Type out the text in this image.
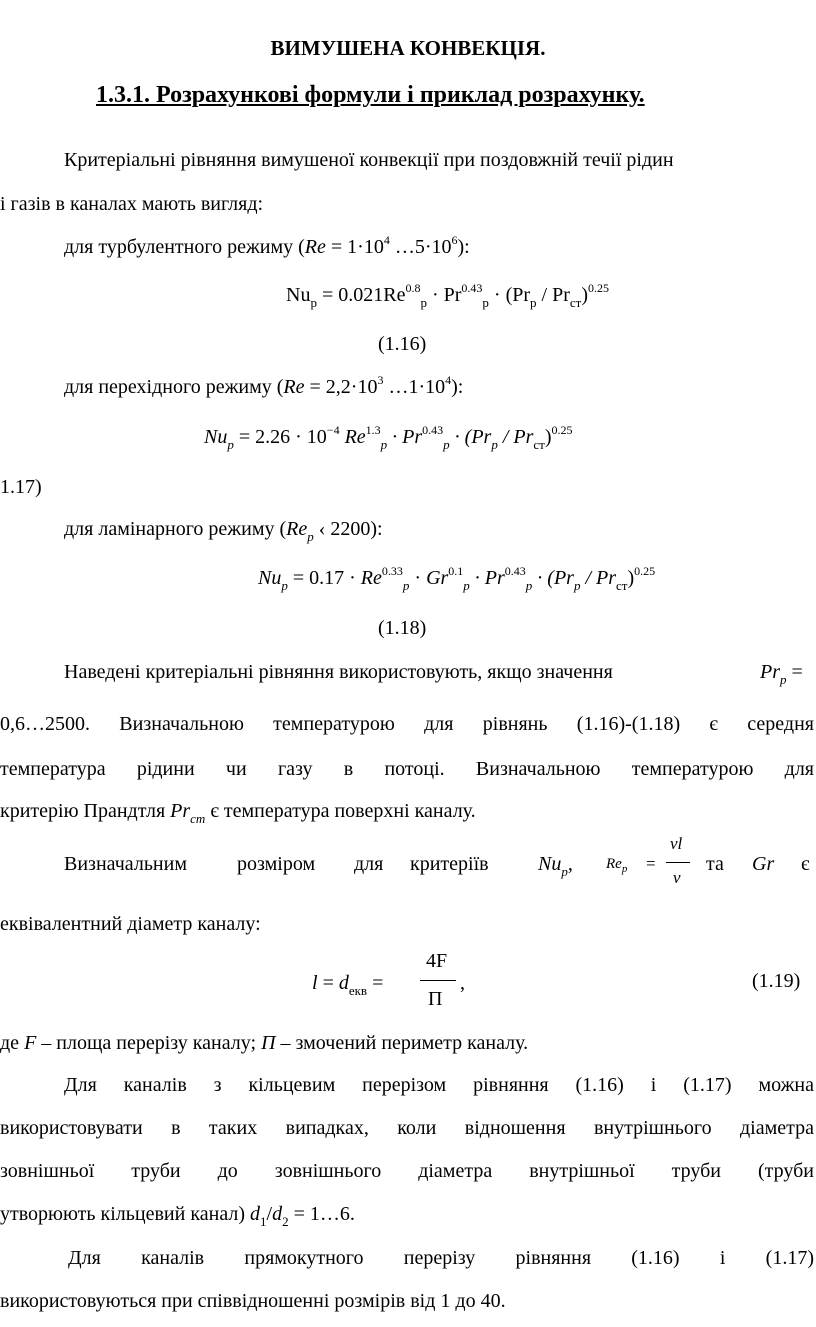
ВИМУШЕНА КОНВЕКЦІЯ.
1.3.1. Розрахункові формули і приклад розрахунку.
Критеріальні рівняння вимушеної конвекції при поздовжній течії рідин
і газів в каналах мають вигляд:
для турбулентного режиму ($Re = 1\cdot 10^4$ $\dots 5\cdot 10^6$):
$Nu_р = 0.021Re^{0.8}_р \cdot Pr^{0.43}_р \cdot (Pr_р / Pr_{ст})^{0.25}$
(1.16)
для перехідного режиму ($Re = 2,2\cdot 10^3$ $\dots 1\cdot 10^4$):
$Nu_p = 2.26 \cdot 10^{-4}$ $Re^{1.3}_p \cdot Pr^{0.43}_p \cdot (Pr_p / Pr_{ст})^{0.25}$
1.17)
для ламінарного режиму ($Re_p$ ‹ 2200):
$Nu_p = 0.17 \cdot Re^{0.33}_p \cdot Gr^{0.1}_p \cdot Pr^{0.43}_p \cdot (Pr_p / Pr_{ст})^{0.25}$
(1.18)
Наведені критеріальні рівняння використовують, якщо значення	$Pr_p$ =
0,6…2500. Визначальною температурою для рівнянь (1.16)-(1.18) є середня
температура рідини чи газу в потоці. Визначальною температурою для
критерію Прандтля $Pr_{ст}$ є температура поверхні каналу.
Визначальним	розміром для критеріїв $Nu_p$, $Re_p$ =
νl
ν
та Gr є
еквівалентний діаметр каналу:
$l = d_{екв}$ =
4F
Π
,	(1.19)
де F – площа перерізу каналу; П – змочений периметр каналу.
Для каналів з кільцевим перерізом рівняння (1.16) і (1.17) можна
використовувати в таких випадках, коли відношення внутрішнього діаметра
зовнішньої труби до зовнішнього діаметра внутрішньої труби (труби
утворюють кільцевий канал) $d_1/d_2$ = 1…6.
Для каналів прямокутного перерізу рівняння (1.16) і (1.17)
використовуються при співвідношенні розмірів від 1 до 40.
